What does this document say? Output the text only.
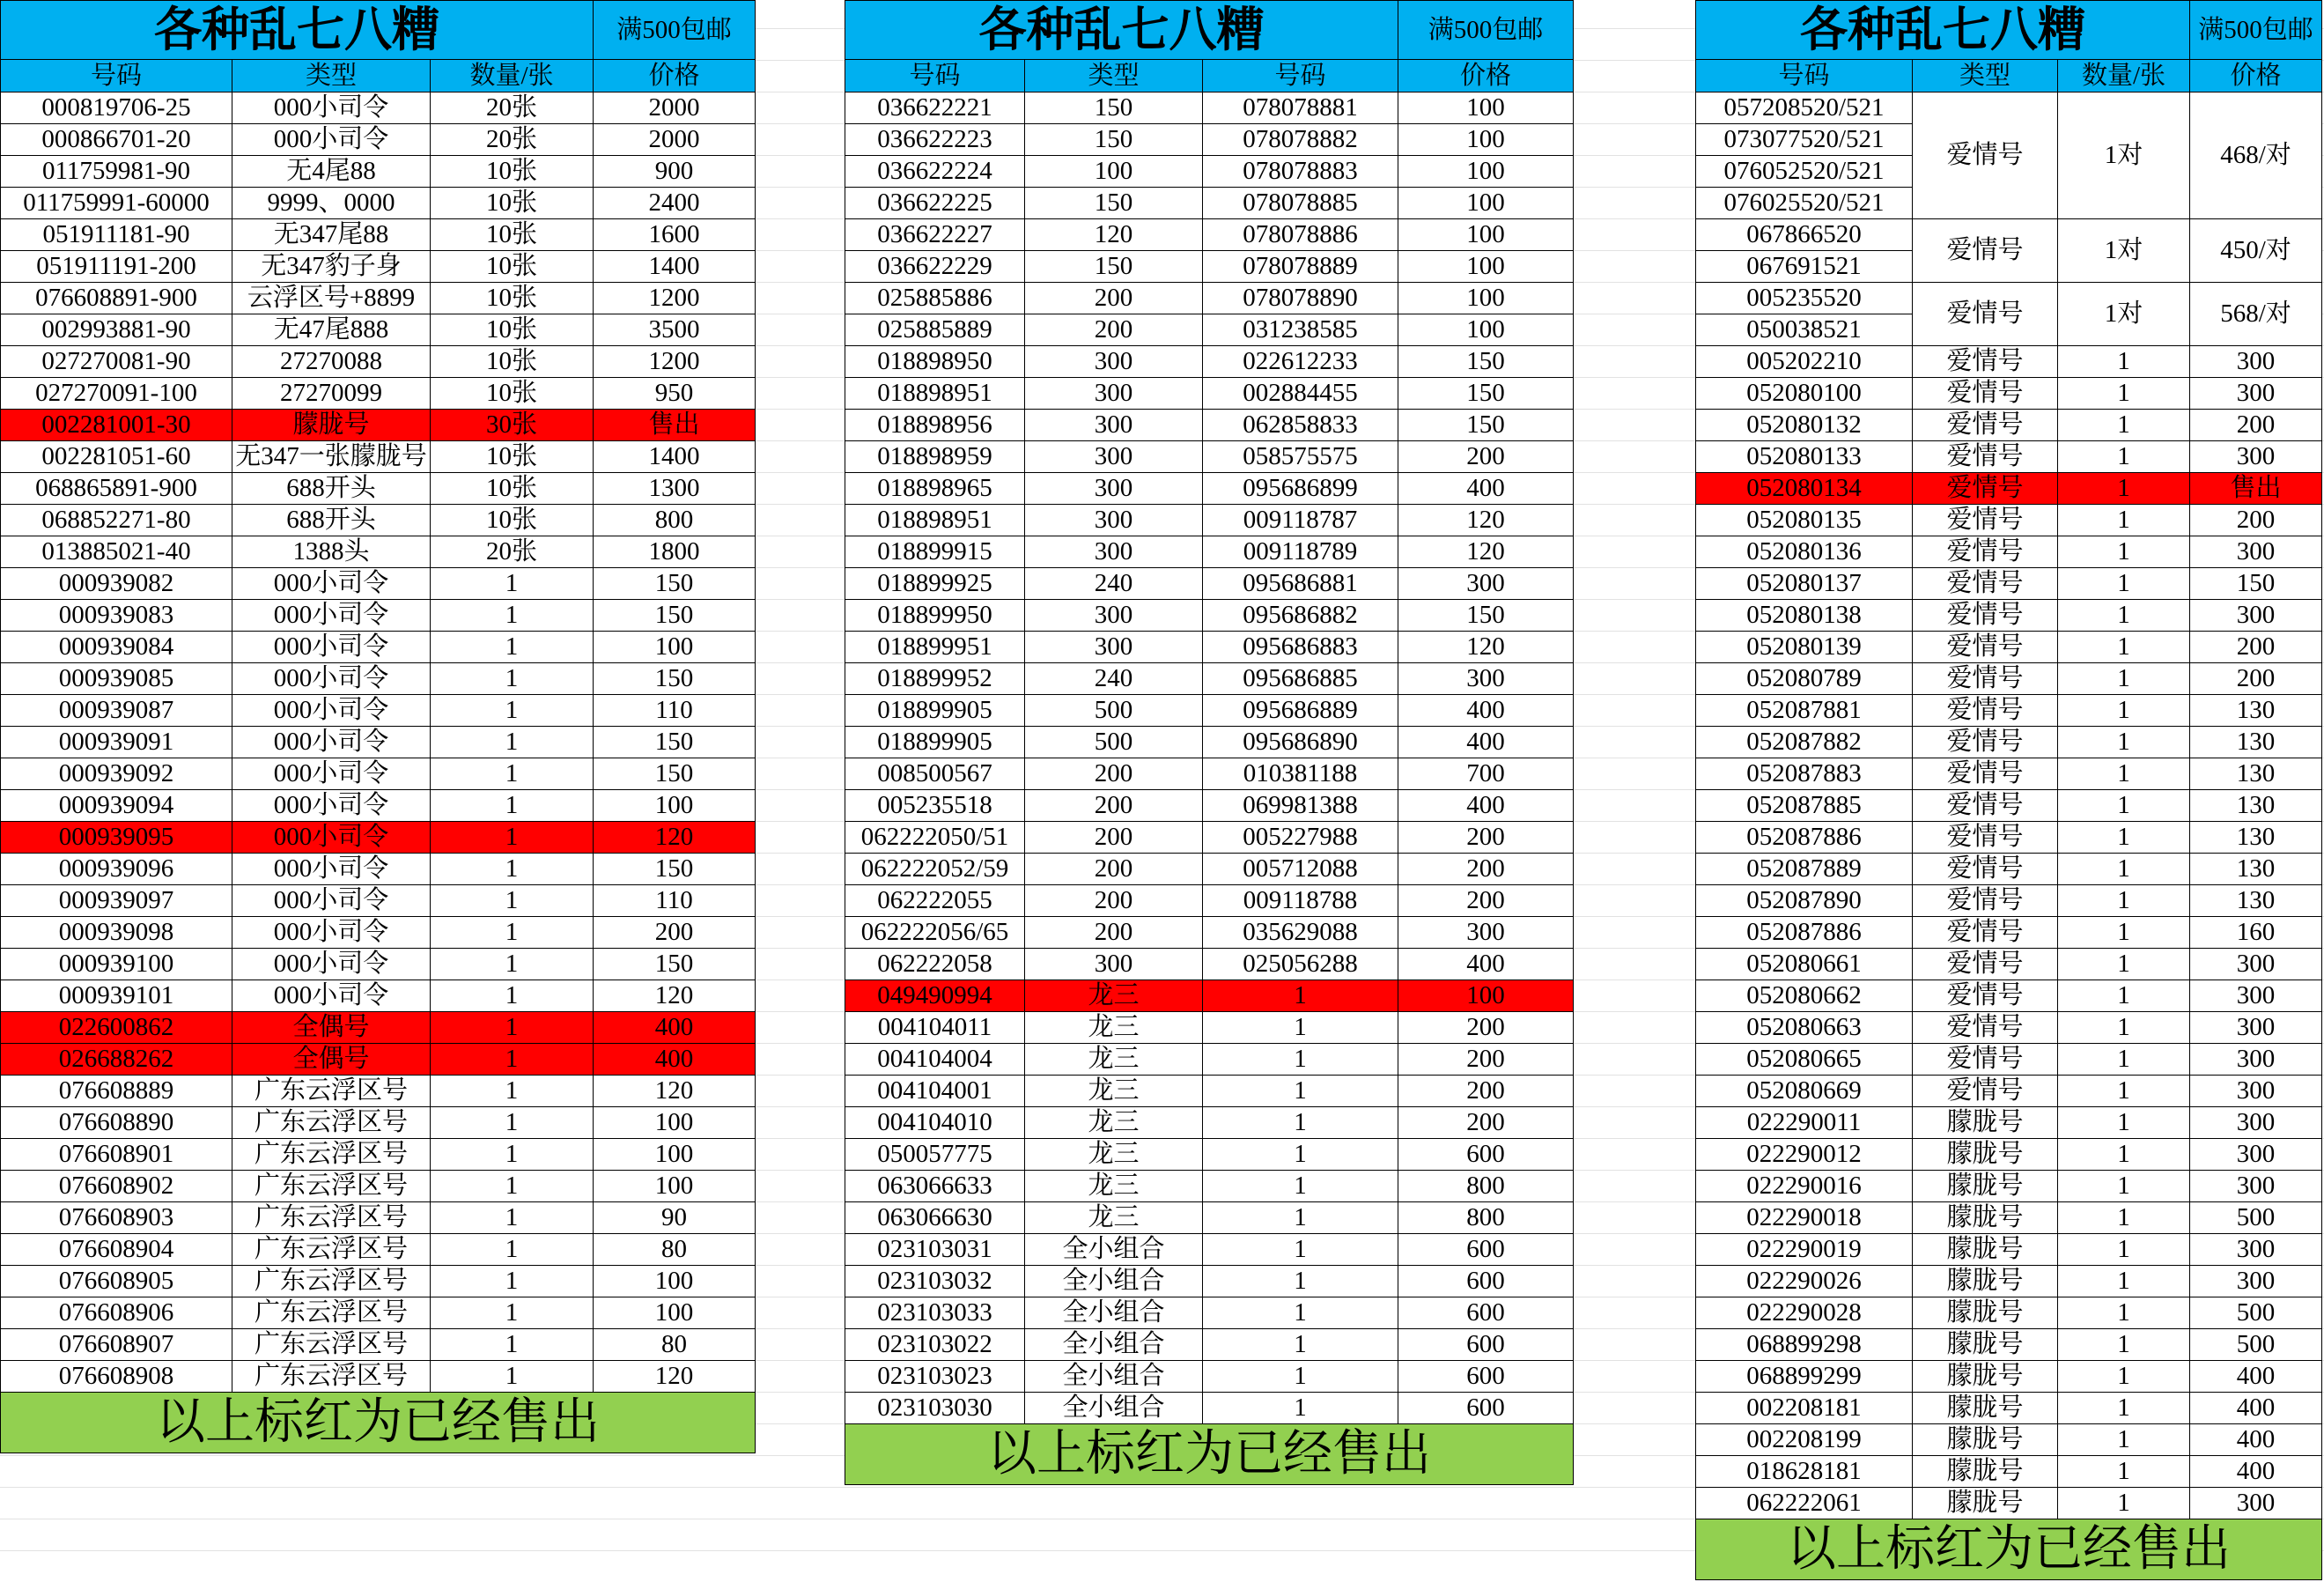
各种乱七八糟	满500包邮
号码	类型	数量/张	价格
000819706-25	000小司令	20张	2000
000866701-20	000小司令	20张	2000
011759981-90	无4尾88	10张	900
011759991-60000	9999、0000	10张	2400
051911181-90	无347尾88	10张	1600
051911191-200	无347豹子身	10张	1400
076608891-900	云浮区号+8899	10张	1200
002993881-90	无47尾888	10张	3500
027270081-90	27270088	10张	1200
027270091-100	27270099	10张	950
002281001-30	朦胧号	30张	售出
002281051-60	无347一张朦胧号	10张	1400
068865891-900	688开头	10张	1300
068852271-80	688开头	10张	800
013885021-40	1388头	20张	1800
000939082	000小司令	1	150
000939083	000小司令	1	150
000939084	000小司令	1	100
000939085	000小司令	1	150
000939087	000小司令	1	110
000939091	000小司令	1	150
000939092	000小司令	1	150
000939094	000小司令	1	100
000939095	000小司令	1	120
000939096	000小司令	1	150
000939097	000小司令	1	110
000939098	000小司令	1	200
000939100	000小司令	1	150
000939101	000小司令	1	120
022600862	全偶号	1	400
026688262	全偶号	1	400
076608889	广东云浮区号	1	120
076608890	广东云浮区号	1	100
076608901	广东云浮区号	1	100
076608902	广东云浮区号	1	100
076608903	广东云浮区号	1	90
076608904	广东云浮区号	1	80
076608905	广东云浮区号	1	100
076608906	广东云浮区号	1	100
076608907	广东云浮区号	1	80
076608908	广东云浮区号	1	120
以上标红为已经售出
各种乱七八糟	满500包邮
号码	类型	号码	价格
036622221	150	078078881	100
036622223	150	078078882	100
036622224	100	078078883	100
036622225	150	078078885	100
036622227	120	078078886	100
036622229	150	078078889	100
025885886	200	078078890	100
025885889	200	031238585	100
018898950	300	022612233	150
018898951	300	002884455	150
018898956	300	062858833	150
018898959	300	058575575	200
018898965	300	095686899	400
018898951	300	009118787	120
018899915	300	009118789	120
018899925	240	095686881	300
018899950	300	095686882	150
018899951	300	095686883	120
018899952	240	095686885	300
018899905	500	095686889	400
018899905	500	095686890	400
008500567	200	010381188	700
005235518	200	069981388	400
062222050/51	200	005227988	200
062222052/59	200	005712088	200
062222055	200	009118788	200
062222056/65	200	035629088	300
062222058	300	025056288	400
049490994	龙三	1	100
004104011	龙三	1	200
004104004	龙三	1	200
004104001	龙三	1	200
004104010	龙三	1	200
050057775	龙三	1	600
063066633	龙三	1	800
063066630	龙三	1	800
023103031	全小组合	1	600
023103032	全小组合	1	600
023103033	全小组合	1	600
023103022	全小组合	1	600
023103023	全小组合	1	600
023103030	全小组合	1	600
以上标红为已经售出
各种乱七八糟	满500包邮
号码	类型	数量/张	价格
057208520/521
073077520/521
076052520/521
076025520/521
爱情号	1对	468/对
067866520
067691521
爱情号	1对	450/对
005235520
050038521
爱情号	1对	568/对
005202210	爱情号	1	300
052080100	爱情号	1	300
052080132	爱情号	1	200
052080133	爱情号	1	300
052080134	爱情号	1	售出
052080135	爱情号	1	200
052080136	爱情号	1	300
052080137	爱情号	1	150
052080138	爱情号	1	300
052080139	爱情号	1	200
052080789	爱情号	1	200
052087881	爱情号	1	130
052087882	爱情号	1	130
052087883	爱情号	1	130
052087885	爱情号	1	130
052087886	爱情号	1	130
052087889	爱情号	1	130
052087890	爱情号	1	130
052087886	爱情号	1	160
052080661	爱情号	1	300
052080662	爱情号	1	300
052080663	爱情号	1	300
052080665	爱情号	1	300
052080669	爱情号	1	300
022290011	朦胧号	1	300
022290012	朦胧号	1	300
022290016	朦胧号	1	300
022290018	朦胧号	1	500
022290019	朦胧号	1	300
022290026	朦胧号	1	300
022290028	朦胧号	1	500
068899298	朦胧号	1	500
068899299	朦胧号	1	400
002208181	朦胧号	1	400
002208199	朦胧号	1	400
018628181	朦胧号	1	400
062222061	朦胧号	1	300
以上标红为已经售出
